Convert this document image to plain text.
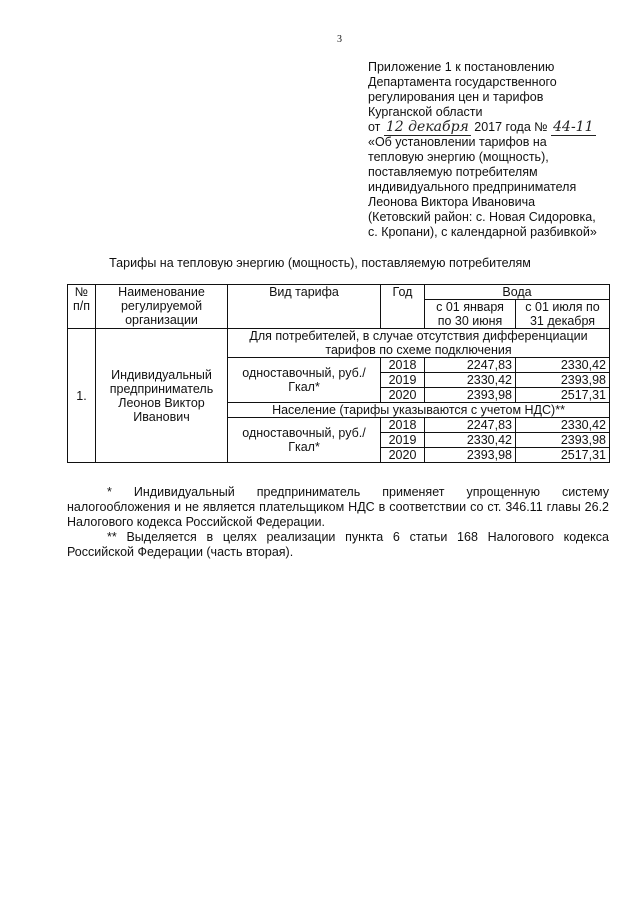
3
Приложение 1 к постановлению
Департамента государственного
регулирования цен и тарифов
Курганской области
от 12 декабря 2017 года № 44-11
«Об установлении тарифов на
тепловую энергию (мощность),
поставляемую потребителям
индивидуального предпринимателя
Леонова Виктора Ивановича
(Кетовский район: с. Новая Сидоровка,
с. Кропани), с календарной разбивкой»
Тарифы на тепловую энергию (мощность), поставляемую потребителям
№ п/п	Наименование регулируемой организации	Вид тарифа	Год	Вода	
				с 01 января по 30 июня	с 01 июля по 31 декабря
1.	Индивидуальный предприниматель Леонов Виктор Иванович	Для потребителей, в случае отсутствия дифференциации тарифов по схеме подключения			
		одноставочный, руб./Гкал*	2018	2247,83	2330,42
			2019	2330,42	2393,98
			2020	2393,98	2517,31
		Население (тарифы указываются с учетом НДС)**			
		одноставочный, руб./Гкал*	2018	2247,83	2330,42
			2019	2330,42	2393,98
			2020	2393,98	2517,31

* Индивидуальный предприниматель применяет упрощенную систему налогообложения и не является плательщиком НДС в соответствии со ст. 346.11 главы 26.2 Налогового кодекса Российской Федерации.

** Выделяется в целях реализации пункта 6 статьи 168 Налогового кодекса Российской Федерации (часть вторая).
